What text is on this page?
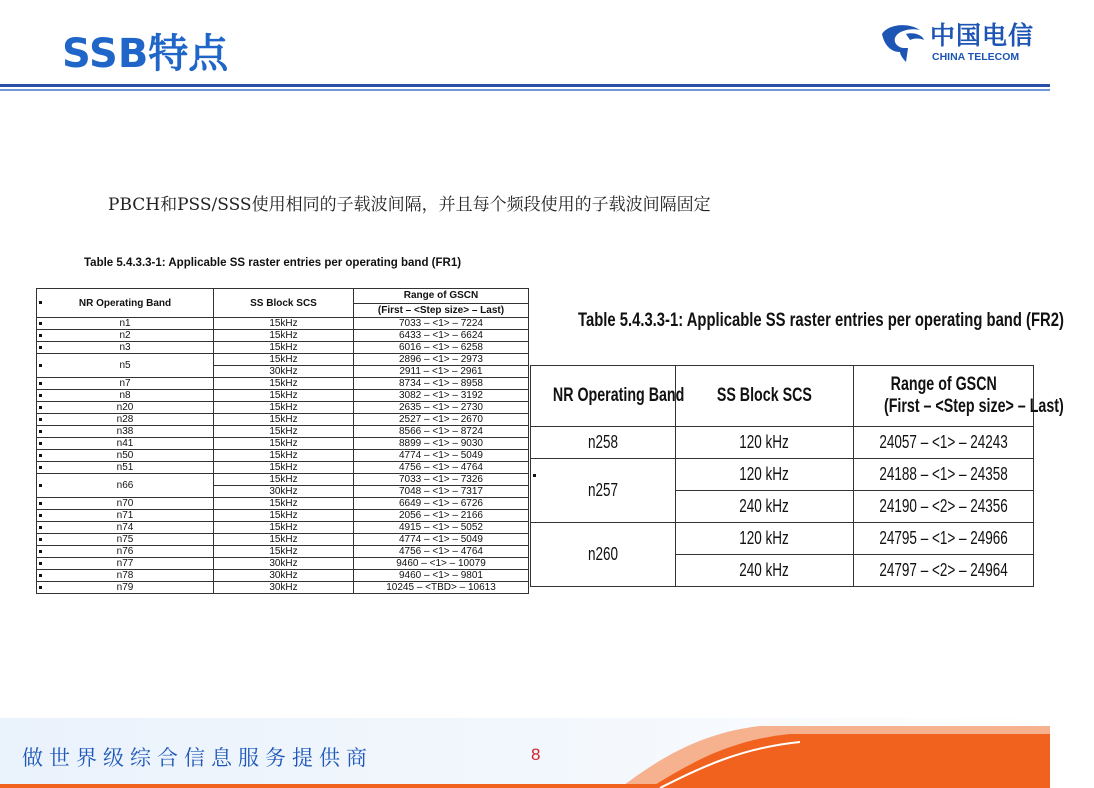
SSB特点	中国电信
CHINA TELECOM
PBCH和PSS/SSS使用相同的子载波间隔，并且每个频段使用的子载波间隔固定
Table 5.4.3.3-1: Applicable SS raster entries per operating band (FR1)
NR Operating Band	SS Block SCS	Range of GSCN
		(First – <Step size> – Last)
n1	15kHz	7033 – <1> – 7224
n2	15kHz	6433 – <1> – 6624
n3	15kHz	6016 – <1> – 6258
n5	15kHz	2896 – <1> – 2973
	30kHz	2911 – <1> – 2961
n7	15kHz	8734 – <1> – 8958
n8	15kHz	3082 – <1> – 3192
n20	15kHz	2635 – <1> – 2730
n28	15kHz	2527 – <1> – 2670
n38	15kHz	8566 – <1> – 8724
n41	15kHz	8899 – <1> – 9030
n50	15kHz	4774 – <1> – 5049
n51	15kHz	4756 – <1> – 4764
n66	15kHz	7033 – <1> – 7326
	30kHz	7048 – <1> – 7317
n70	15kHz	6649 – <1> – 6726
n71	15kHz	2056 – <1> – 2166
n74	15kHz	4915 – <1> – 5052
n75	15kHz	4774 – <1> – 5049
n76	15kHz	4756 – <1> – 4764
n77	30kHz	9460 – <1> – 10079
n78	30kHz	9460 – <1> – 9801
n79	30kHz	10245 – <TBD> – 10613
Table 5.4.3.3-1: Applicable SS raster entries per operating band (FR2)
NR Operating Band	SS Block SCS	Range of GSCN
(First – <Step size> – Last)
n258	120 kHz	24057 – <1> – 24243
n257	120 kHz	24188 – <1> – 24358
	240 kHz	24190 – <2> – 24356
n260	120 kHz	24795 – <1> – 24966
	240 kHz	24797 – <2> – 24964
做世界级综合信息服务提供商	8
